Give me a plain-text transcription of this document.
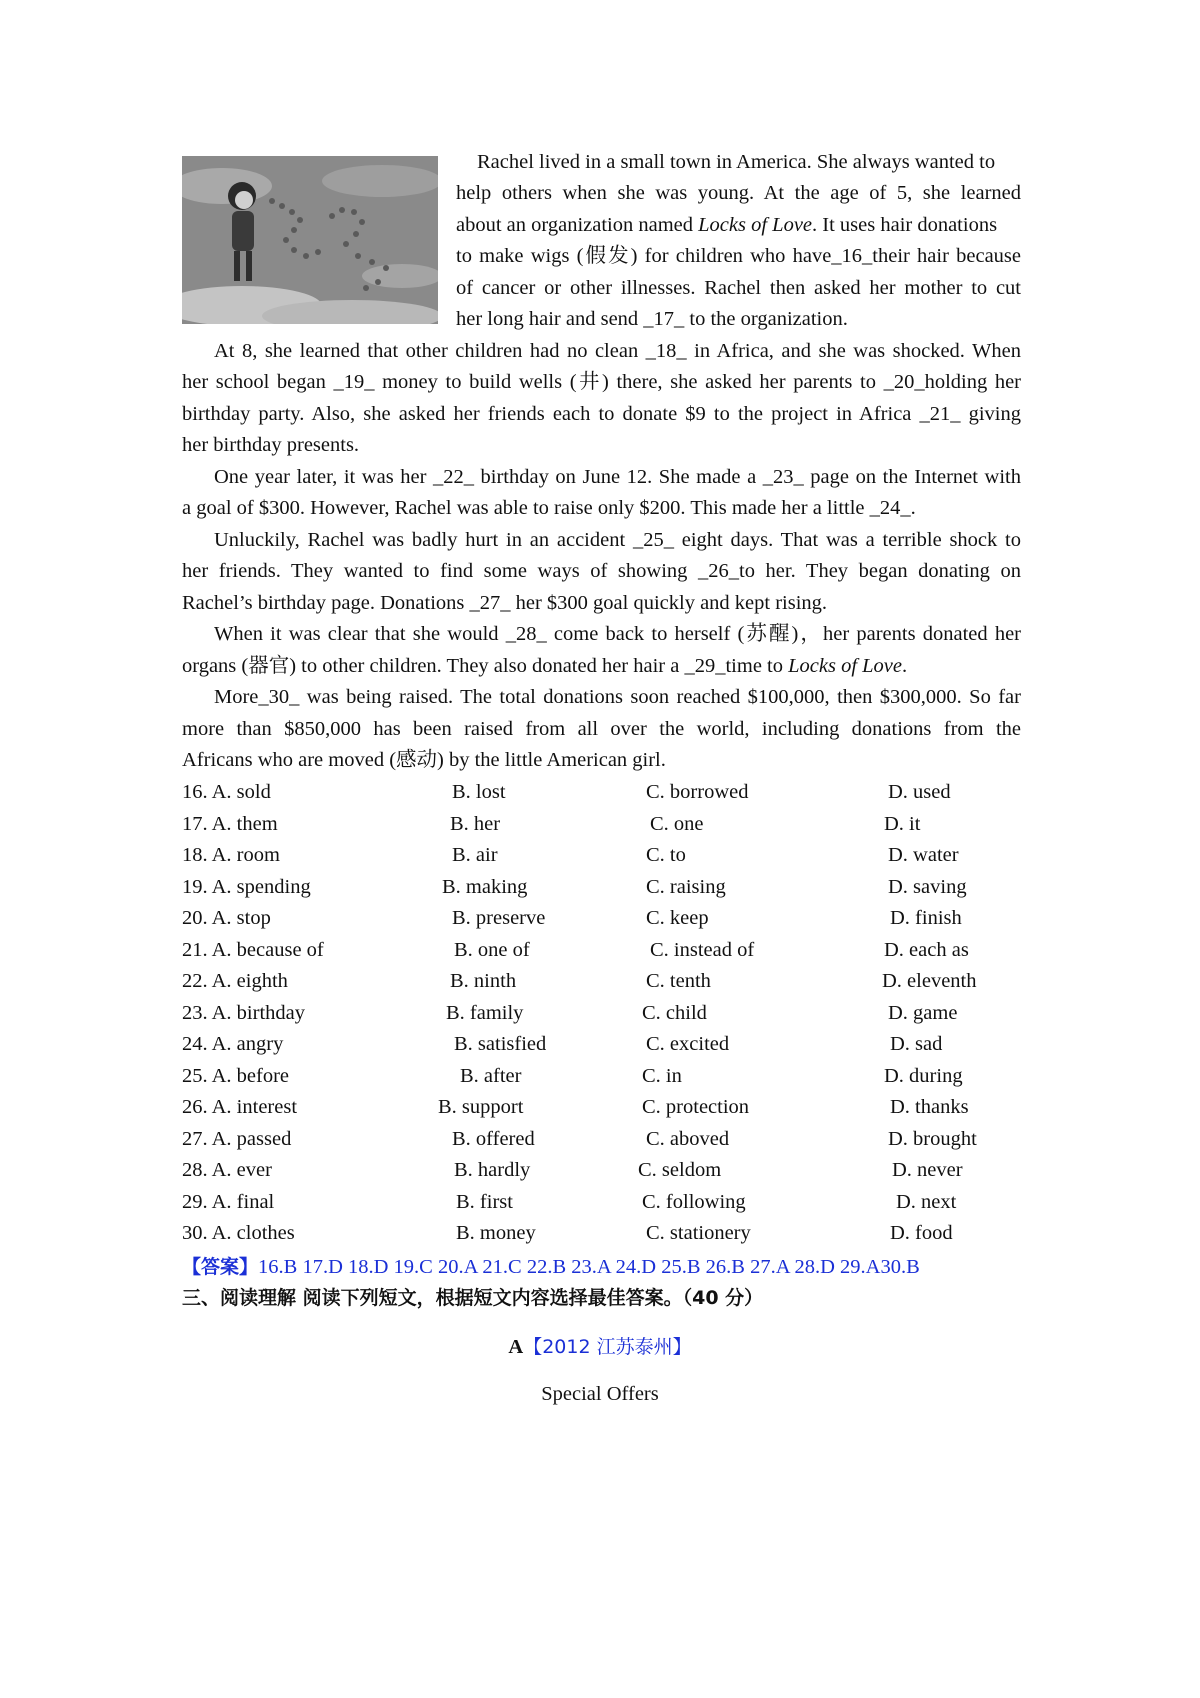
Rachel lived in a small town in America. She always wanted to
help others when she was young. At the age of 5, she learned
about an organization named Locks of Love. It uses hair donations
to make wigs (假发) for children who have_16_their hair because
of cancer or other illnesses. Rachel then asked her mother to cut
her long hair and send _17_ to the organization.
At 8, she learned that other children had no clean _18_ in Africa, and she was shocked. When
her school began _19_ money to build wells (井) there, she asked her parents to _20_holding her
birthday party. Also, she asked her friends each to donate $9 to the project in Africa _21_ giving
her birthday presents.
One year later, it was her _22_ birthday on June 12. She made a _23_ page on the Internet with
a goal of $300. However, Rachel was able to raise only $200. This made her a little _24_.
Unluckily, Rachel was badly hurt in an accident _25_ eight days. That was a terrible shock to
her friends. They wanted to find some ways of showing _26_to her. They began donating on
Rachel’s birthday page. Donations _27_ her $300 goal quickly and kept rising.
When it was clear that she would _28_ come back to herself (苏醒)，her parents donated her
organs (器官) to other children. They also donated her hair a _29_time to Locks of Love.
More_30_ was being raised. The total donations soon reached $100,000, then $300,000. So far
more than $850,000 has been raised from all over the world, including donations from the
Africans who are moved (感动) by the little American girl.
16. A. sold	B. lost	C. borrowed	D. used
17. A. them	B. her	C. one	D. it
18. A. room	B. air	C. to	D. water
19. A. spending	B. making	C. raising	D. saving
20. A. stop	B. preserve	C. keep	D. finish
21. A. because of	B. one of	C. instead of	D. each as
22. A. eighth	B. ninth	C. tenth	D. eleventh
23. A. birthday	B. family	C. child	D. game
24. A. angry	B. satisfied	C. excited	D. sad
25. A. before	B. after	C. in	D. during
26. A. interest	B. support	C. protection	D. thanks
27. A. passed	B. offered	C. aboved	D. brought
28. A. ever	B. hardly	C. seldom	D. never
29. A. final	B. first	C. following	D. next
30. A. clothes	B. money	C. stationery	D. food
【答案】16.B 17.D 18.D 19.C 20.A 21.C 22.B 23.A 24.D 25.B 26.B 27.A 28.D 29.A30.B
三、阅读理解 阅读下列短文，根据短文内容选择最佳答案。（40 分）
A【2012 江苏泰州】
Special Offers
